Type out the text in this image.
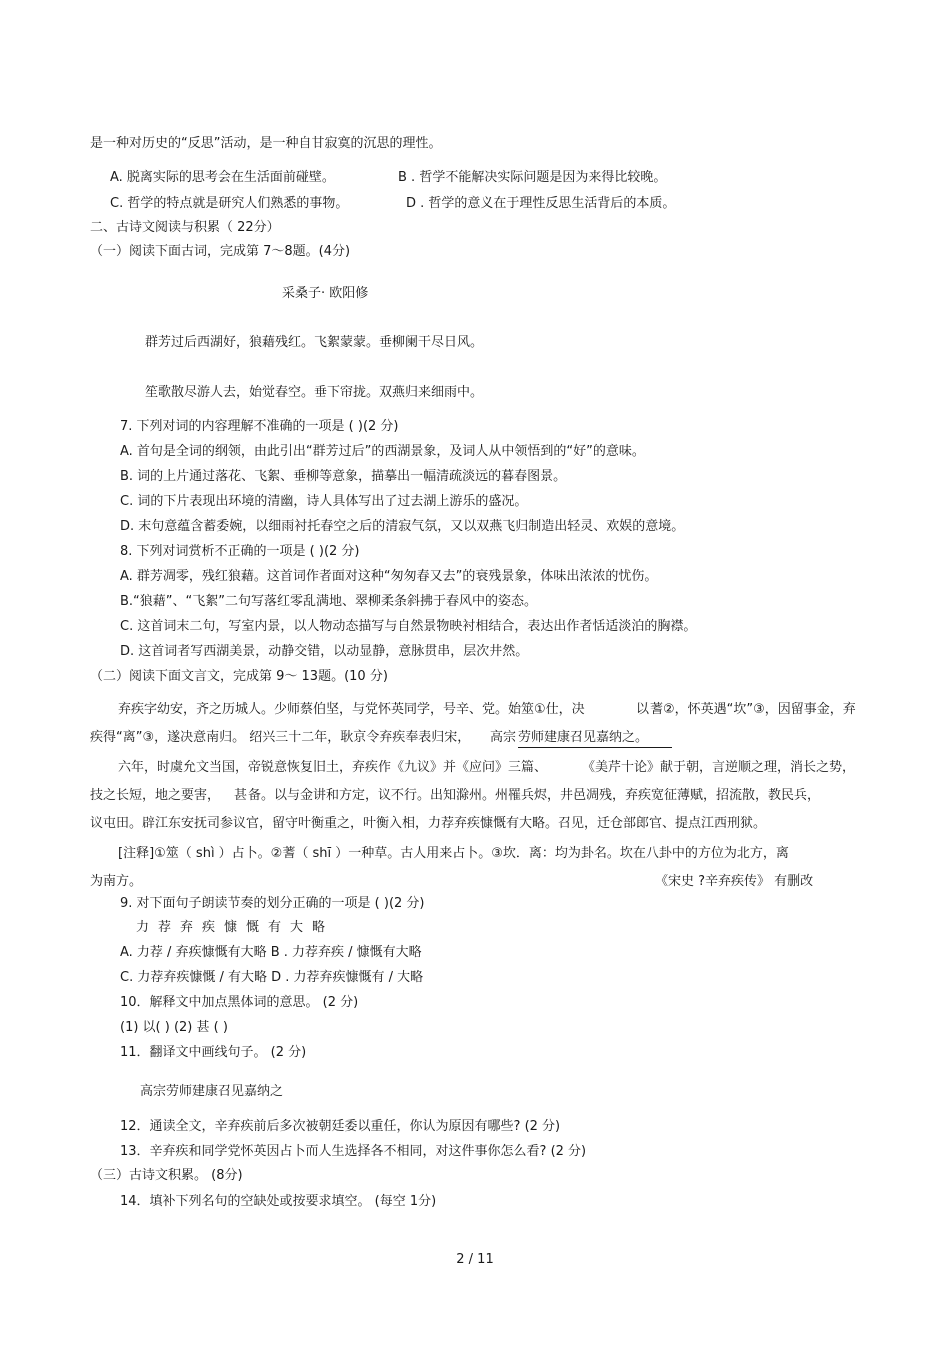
是一种对历史的“反思”活动，是一种自甘寂寞的沉思的理性。
A. 脱离实际的思考会在生活面前碰壁。	B . 哲学不能解决实际问题是因为来得比较晚。
C. 哲学的特点就是研究人们熟悉的事物。	D . 哲学的意义在于理性反思生活背后的本质。
二、古诗文阅读与积累（ 22分）
（一）阅读下面古词，完成第 7～8题。(4分)
采桑子· 欧阳修
群芳过后西湖好，狼藉残红。飞絮蒙蒙。垂柳阑干尽日风。
笙歌散尽游人去，始觉春空。垂下帘拢。双燕归来细雨中。
7. 下列对词的内容理解不准确的一项是 ( )(2 分)
A. 首句是全词的纲领，由此引出“群芳过后”的西湖景象，及词人从中领悟到的“好”的意味。
B. 词的上片通过落花、飞絮、垂柳等意象，描摹出一幅清疏淡远的暮春图景。
C. 词的下片表现出环境的清幽，诗人具体写出了过去湖上游乐的盛况。
D. 末句意蕴含蓄委婉，以细雨衬托春空之后的清寂气氛，又以双燕飞归制造出轻灵、欢娱的意境。
8. 下列对词赏析不正确的一项是 ( )(2 分)
A. 群芳凋零，残红狼藉。这首词作者面对这种“匆匆春又去”的衰残景象，体味出浓浓的忧伤。
B.“狼藉”、“飞絮”二句写落红零乱满地、翠柳柔条斜拂于春风中的姿态。
C. 这首词末二句，写室内景，以人物动态描写与自然景物映衬相结合，表达出作者恬适淡泊的胸襟。
D. 这首词者写西湖美景，动静交错，以动显静，意脉贯串，层次井然。
（二）阅读下面文言文，完成第 9～ 13题。(10 分)
弃疾字幼安，齐之历城人。少师蔡伯坚，与党怀英同学，号辛、党。始筮①仕，决	以 蓍②，怀英遇“坎”③，因留事金，弃
疾得“离”③，遂决意南归。 绍兴三十二年，耿京令弃疾奉表归宋， 高宗 劳师建康召见嘉纳之。
六年，时虞允文当国，帝锐意恢复旧土，弃疾作《九议》并《应问》三篇、	《美芹十论》献于朝，言逆顺之理，消长之势，
技之长短，地之要害， 甚 备。以与金讲和方定，议不行。出知滁州。州罹兵烬，井邑凋残，弃疾宽征薄赋，招流散，教民兵，
议屯田。辟江东安抚司参议官，留守叶衡重之，叶衡入相，力荐弃疾慷慨有大略。召见，迁仓部郎官、提点江西刑狱。
[注释]①筮（ shì ）占卜。②蓍（ shī ）一种草。古人用来占卜。③坎．离：均为卦名。坎在八卦中的方位为北方，离
为南方。	《宋史 ?辛弃疾传》 有删改
9. 对下面句子朗读节奏的划分正确的一项是 ( )(2 分)
力荐弃疾慷慨有大略
A. 力荐 / 弃疾慷慨有大略 B . 力荐弃疾 / 慷慨有大略
C. 力荐弃疾慷慨 / 有大略 D . 力荐弃疾慷慨有 / 大略
10．解释文中加点黑体词的意思。 (2 分)
(1) 以( ) (2) 甚 ( )
11．翻译文中画线句子。 (2 分)
高宗劳师建康召见嘉纳之
12．通读全文，辛弃疾前后多次被朝廷委以重任，你认为原因有哪些? (2 分)
13．辛弃疾和同学党怀英因占卜而人生选择各不相同，对这件事你怎么看? (2 分)
（三）古诗文积累。 (8分)
14．填补下列名句的空缺处或按要求填空。 (每空 1分)
2 / 11
